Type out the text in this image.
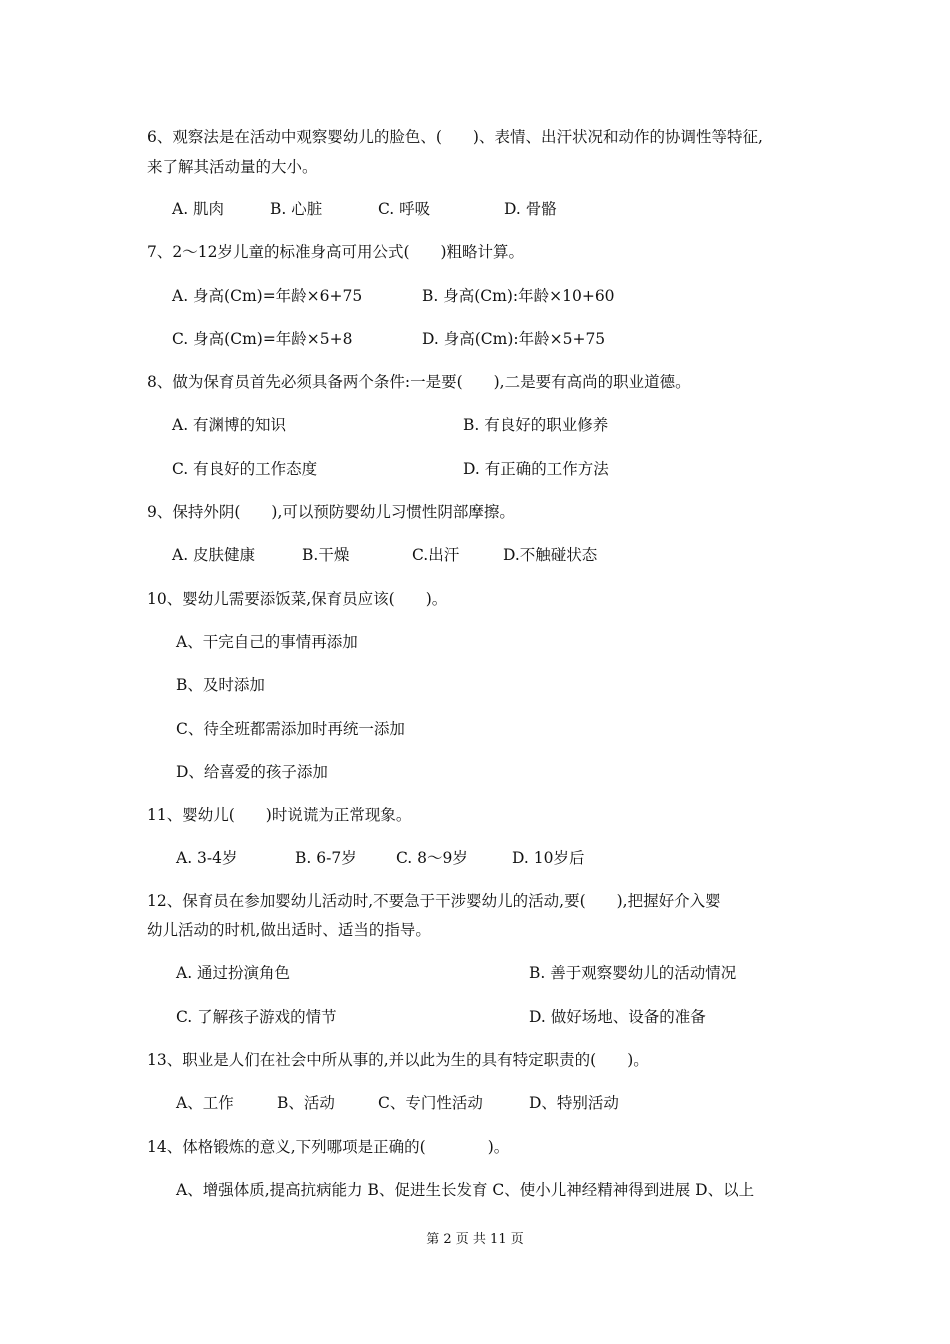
6、观察法是在活动中观察婴幼儿的脸色、(　　)、表情、出汗状况和动作的协调性等特征,
来了解其活动量的大小。
A. 肌肉	B. 心脏	C. 呼吸	D. 骨骼
7、2～12岁儿童的标准身高可用公式(　　)粗略计算。
A. 身高(Cm)=年龄×6+75	B. 身高(Cm):年龄×10+60
C. 身高(Cm)=年龄×5+8	D. 身高(Cm):年龄×5+75
8、做为保育员首先必须具备两个条件:一是要(　　),二是要有高尚的职业道德。
A. 有渊博的知识	B. 有良好的职业修养
C. 有良好的工作态度	D. 有正确的工作方法
9、保持外阴(　　),可以预防婴幼儿习惯性阴部摩擦。
A. 皮肤健康	B.干燥	C.出汗	D.不触碰状态
10、婴幼儿需要添饭菜,保育员应该(　　)。
A、干完自己的事情再添加
B、及时添加
C、待全班都需添加时再统一添加
D、给喜爱的孩子添加
11、婴幼儿(　　)时说谎为正常现象。
A. 3-4岁	B. 6-7岁	C. 8～9岁	D. 10岁后
12、保育员在参加婴幼儿活动时,不要急于干涉婴幼儿的活动,要(　　),把握好介入婴
幼儿活动的时机,做出适时、适当的指导。
A. 通过扮演角色	B. 善于观察婴幼儿的活动情况
C. 了解孩子游戏的情节	D. 做好场地、设备的准备
13、职业是人们在社会中所从事的,并以此为生的具有特定职责的(　　)。
A、工作	B、活动	C、专门性活动	D、特别活动
14、体格锻炼的意义,下列哪项是正确的(　　　　)。
A、增强体质,提高抗病能力 B、促进生长发育 C、使小儿神经精神得到进展 D、以上
第 2 页 共 11 页
